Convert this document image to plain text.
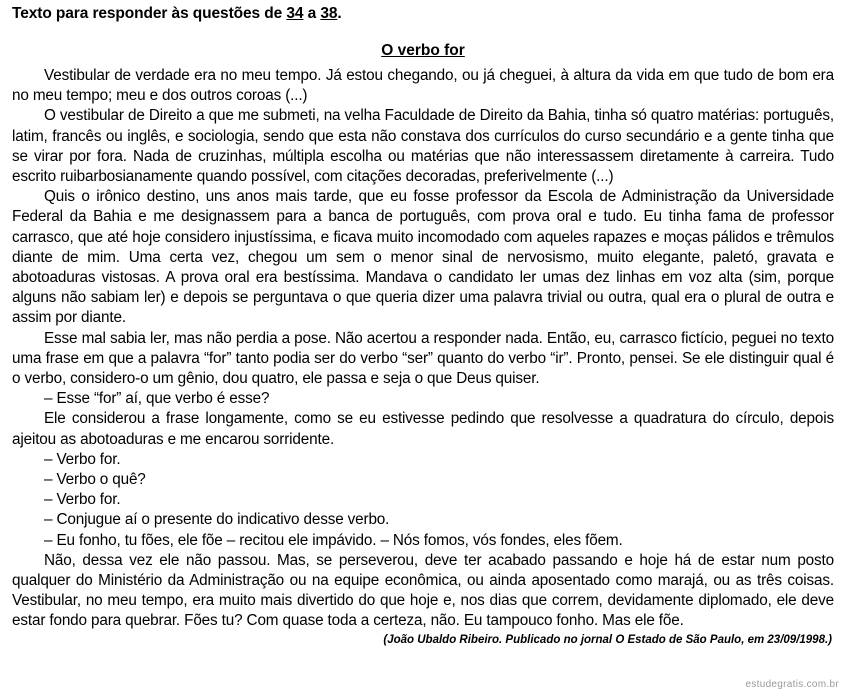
Texto para responder às questões de 34 a 38.
O verbo for

Vestibular de verdade era no meu tempo. Já estou chegando, ou já cheguei, à altura da vida em que tudo de bom era no meu tempo; meu e dos outros coroas (...)

O vestibular de Direito a que me submeti, na velha Faculdade de Direito da Bahia, tinha só quatro matérias: português, latim, francês ou inglês, e sociologia, sendo que esta não constava dos currículos do curso secundário e a gente tinha que se virar por fora. Nada de cruzinhas, múltipla escolha ou matérias que não interessassem diretamente à carreira. Tudo escrito ruibarbosianamente quando possível, com citações decoradas, preferivelmente (...)

Quis o irônico destino, uns anos mais tarde, que eu fosse professor da Escola de Administração da Universidade Federal da Bahia e me designassem para a banca de português, com prova oral e tudo. Eu tinha fama de professor carrasco, que até hoje considero injustíssima, e ficava muito incomodado com aqueles rapazes e moças pálidos e trêmulos diante de mim. Uma certa vez, chegou um sem o menor sinal de nervosismo, muito elegante, paletó, gravata e abotoaduras vistosas. A prova oral era bestíssima. Mandava o candidato ler umas dez linhas em voz alta (sim, porque alguns não sabiam ler) e depois se perguntava o que queria dizer uma palavra trivial ou outra, qual era o plural de outra e assim por diante.

Esse mal sabia ler, mas não perdia a pose. Não acertou a responder nada. Então, eu, carrasco fictício, peguei no texto uma frase em que a palavra “for” tanto podia ser do verbo “ser” quanto do verbo “ir”. Pronto, pensei. Se ele distinguir qual é o verbo, considero-o um gênio, dou quatro, ele passa e seja o que Deus quiser.

– Esse “for” aí, que verbo é esse?

Ele considerou a frase longamente, como se eu estivesse pedindo que resolvesse a quadratura do círculo, depois ajeitou as abotoaduras e me encarou sorridente.

– Verbo for.

– Verbo o quê?

– Verbo for.

– Conjugue aí o presente do indicativo desse verbo.

– Eu fonho, tu fões, ele fõe – recitou ele impávido. – Nós fomos, vós fondes, eles fõem.

Não, dessa vez ele não passou. Mas, se perseverou, deve ter acabado passando e hoje há de estar num posto qualquer do Ministério da Administração ou na equipe econômica, ou ainda aposentado como marajá, ou as três coisas. Vestibular, no meu tempo, era muito mais divertido do que hoje e, nos dias que correm, devidamente diplomado, ele deve estar fondo para quebrar. Fões tu? Com quase toda a certeza, não. Eu tampouco fonho. Mas ele fõe.

(João Ubaldo Ribeiro. Publicado no jornal O Estado de São Paulo, em 23/09/1998.)
estudegratis.com.br
